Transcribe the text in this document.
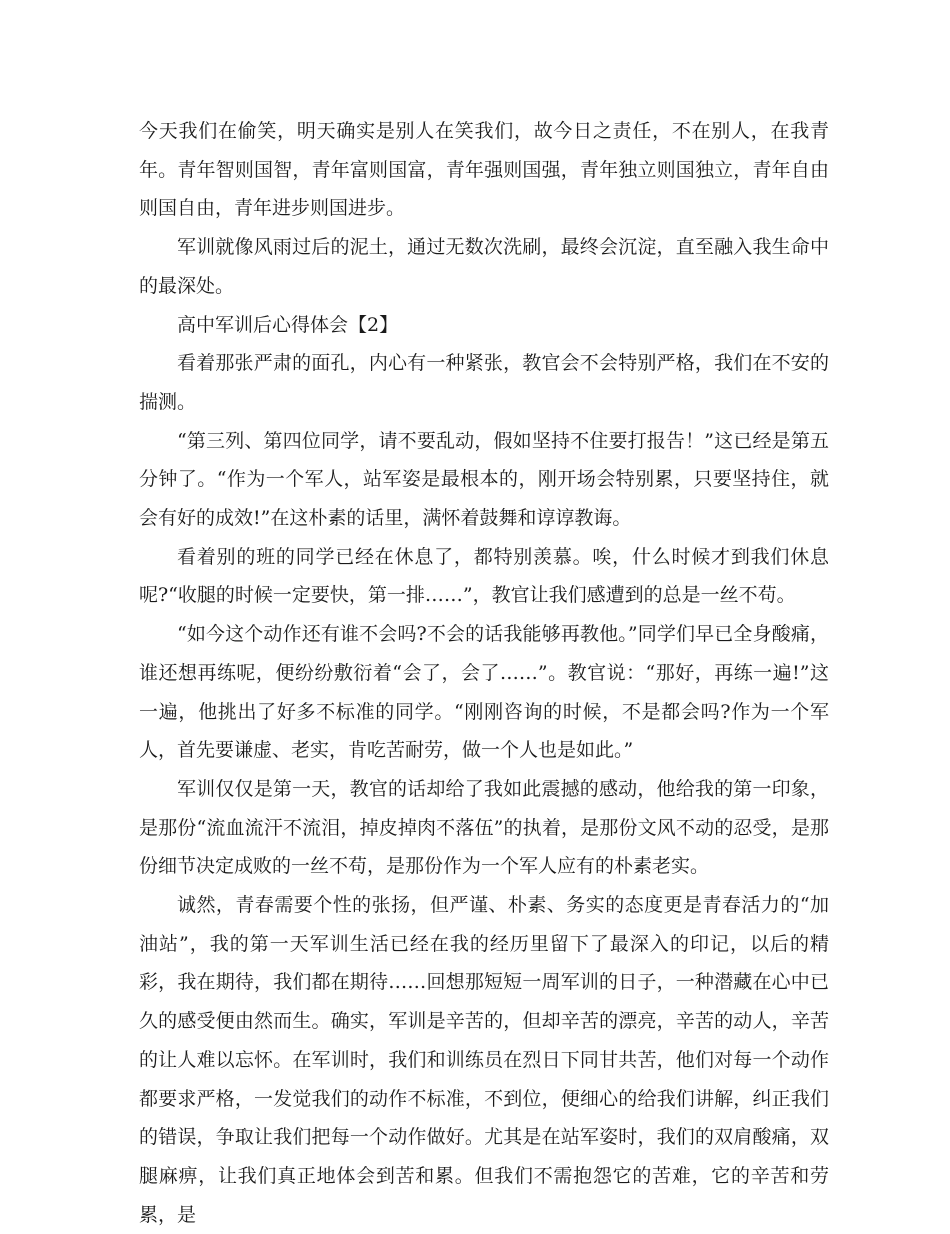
今天我们在偷笑，明天确实是别人在笑我们，故今日之责任，不在别人，在我青年。青年智则国智，青年富则国富，青年强则国强，青年独立则国独立，青年自由则国自由，青年进步则国进步。

军训就像风雨过后的泥土，通过无数次洗刷，最终会沉淀，直至融入我生命中的最深处。

高中军训后心得体会【2】

看着那张严肃的面孔，内心有一种紧张，教官会不会特别严格，我们在不安的揣测。

“第三列、第四位同学，请不要乱动，假如坚持不住要打报告！”这已经是第五分钟了。“作为一个军人，站军姿是最根本的，刚开场会特别累，只要坚持住，就会有好的成效!”在这朴素的话里，满怀着鼓舞和谆谆教诲。

看着别的班的同学已经在休息了，都特别羡慕。唉，什么时候才到我们休息呢?“收腿的时候一定要快，第一排……”，教官让我们感遭到的总是一丝不苟。

“如今这个动作还有谁不会吗?不会的话我能够再教他。”同学们早已全身酸痛，谁还想再练呢，便纷纷敷衍着“会了，会了……”。教官说：“那好，再练一遍!”这一遍，他挑出了好多不标准的同学。“刚刚咨询的时候，不是都会吗?作为一个军人，首先要谦虚、老实，肯吃苦耐劳，做一个人也是如此。”

军训仅仅是第一天，教官的话却给了我如此震撼的感动，他给我的第一印象，是那份“流血流汗不流泪，掉皮掉肉不落伍”的执着，是那份文风不动的忍受，是那份细节决定成败的一丝不苟，是那份作为一个军人应有的朴素老实。

诚然，青春需要个性的张扬，但严谨、朴素、务实的态度更是青春活力的“加油站”，我的第一天军训生活已经在我的经历里留下了最深入的印记，以后的精彩，我在期待，我们都在期待……回想那短短一周军训的日子，一种潜藏在心中已久的感受便由然而生。确实，军训是辛苦的，但却辛苦的漂亮，辛苦的动人，辛苦的让人难以忘怀。在军训时，我们和训练员在烈日下同甘共苦，他们对每一个动作都要求严格，一发觉我们的动作不标准，不到位，便细心的给我们讲解，纠正我们的错误，争取让我们把每一个动作做好。尤其是在站军姿时，我们的双肩酸痛，双腿麻痹，让我们真正地体会到苦和累。但我们不需抱怨它的苦难，它的辛苦和劳累，是
